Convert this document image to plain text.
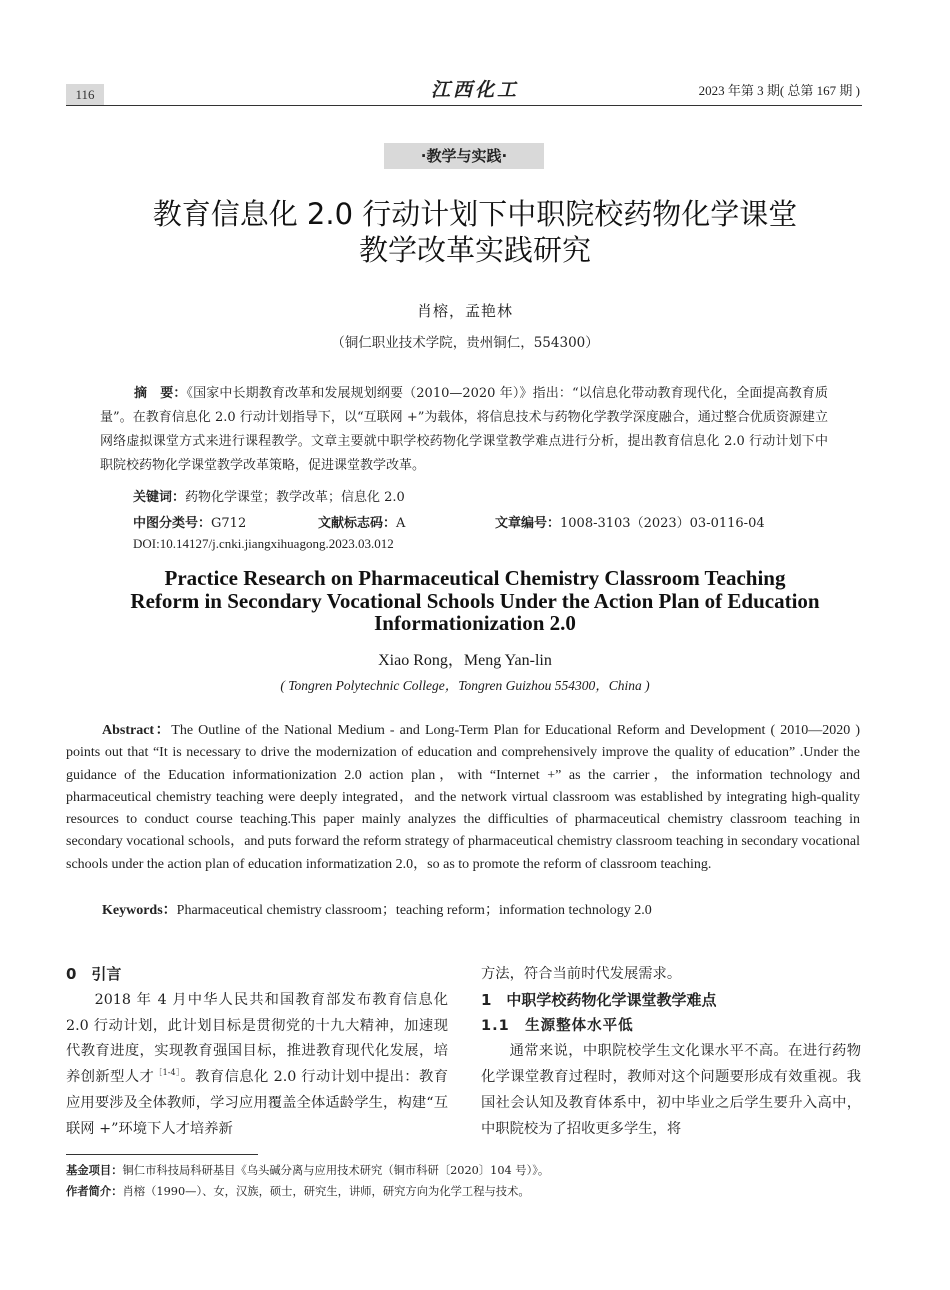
116	江西化工	2023 年第 3 期( 总第 167 期 )
·教学与实践·
教育信息化 2.0 行动计划下中职院校药物化学课堂
教学改革实践研究
肖榕，孟艳林
（铜仁职业技术学院，贵州铜仁，554300）
摘　要：《国家中长期教育改革和发展规划纲要（2010—2020 年）》指出：“以信息化带动教育现代化，全面提高教育质量”。在教育信息化 2.0 行动计划指导下，以“互联网 +”为载体，将信息技术与药物化学教学深度融合，通过整合优质资源建立网络虚拟课堂方式来进行课程教学。文章主要就中职学校药物化学课堂教学难点进行分析，提出教育信息化 2.0 行动计划下中职院校药物化学课堂教学改革策略，促进课堂教学改革。
关键词：药物化学课堂；教学改革；信息化 2.0
中图分类号：G712	文献标志码：A	文章编号：1008-3103（2023）03-0116-04
DOI:10.14127/j.cnki.jiangxihuagong.2023.03.012
Practice Research on Pharmaceutical Chemistry Classroom Teaching
Reform in Secondary Vocational Schools Under the Action Plan of Education
Informationization 2.0
Xiao Rong，Meng Yan-lin
( Tongren Polytechnic College，Tongren Guizhou 554300，China )
Abstract：The Outline of the National Medium - and Long-Term Plan for Educational Reform and Development ( 2010—2020 ) points out that “It is necessary to drive the modernization of education and comprehensively improve the quality of education” .Under the guidance of the Education informationization 2.0 action plan，with “Internet +” as the carrier，the information technology and pharmaceutical chemistry teaching were deeply integrated，and the network virtual classroom was established by integrating high-quality resources to conduct course teaching.This paper mainly analyzes the difficulties of pharmaceutical chemistry classroom teaching in secondary vocational schools，and puts forward the reform strategy of pharmaceutical chemistry classroom teaching in secondary vocational schools under the action plan of education informatization 2.0，so as to promote the reform of classroom teaching.
Keywords：Pharmaceutical chemistry classroom；teaching reform；information technology 2.0
0　引言

2018 年 4 月中华人民共和国教育部发布教育信息化 2.0 行动计划，此计划目标是贯彻党的十九大精神，加速现代教育进度，实现教育强国目标，推进教育现代化发展，培养创新型人才$^{[1-4]}$。教育信息化 2.0 行动计划中提出：教育应用要涉及全体教师，学习应用覆盖全体适龄学生，构建“互联网 +”环境下人才培养新

方法，符合当前时代发展需求。

1　中职学校药物化学课堂教学难点
1.1　生源整体水平低

通常来说，中职院校学生文化课水平不高。在进行药物化学课堂教育过程时，教师对这个问题要形成有效重视。我国社会认知及教育体系中，初中毕业之后学生要升入高中，中职院校为了招收更多学生，将

基金项目：铜仁市科技局科研基目《乌头碱分离与应用技术研究（铜市科研〔2020〕104 号）》。
作者简介：肖榕（1990—）、女，汉族，硕士，研究生，讲师，研究方向为化学工程与技术。
